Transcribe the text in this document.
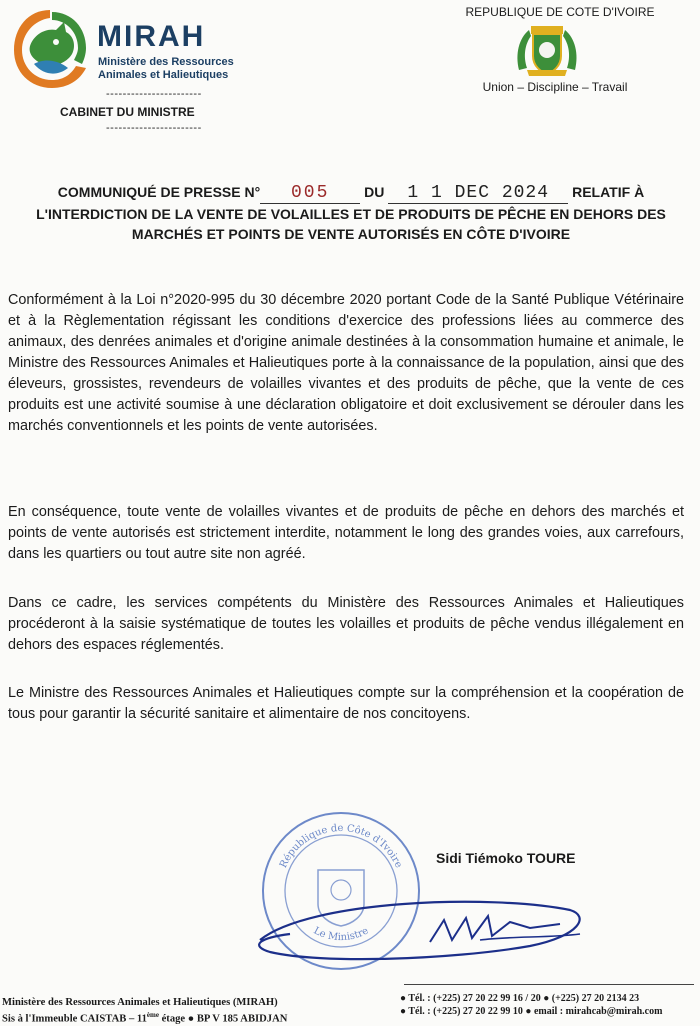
MIRAH
Ministère des Ressources
Animales et Halieutiques
-----------------------
CABINET DU MINISTRE
-----------------------
REPUBLIQUE DE COTE D'IVOIRE
Union – Discipline – Travail
COMMUNIQUÉ DE PRESSE N° 005 DU 1 1 DEC 2024 RELATIF À
L'INTERDICTION DE LA VENTE DE VOLAILLES ET DE PRODUITS DE PÊCHE EN DEHORS DES
MARCHÉS ET POINTS DE VENTE AUTORISÉS EN CÔTE D'IVOIRE
Conformément à la Loi n°2020-995 du 30 décembre 2020 portant Code de la Santé Publique Vétérinaire et à la Règlementation régissant les conditions d'exercice des professions liées au commerce des animaux, des denrées animales et d'origine animale destinées à la consommation humaine et animale, le Ministre des Ressources Animales et Halieutiques porte à la connaissance de la population, ainsi que des éleveurs, grossistes, revendeurs de volailles vivantes et des produits de pêche, que la vente de ces produits est une activité soumise à une déclaration obligatoire et doit exclusivement se dérouler dans les marchés conventionnels et les points de vente autorisées.
En conséquence, toute vente de volailles vivantes et de produits de pêche en dehors des marchés et points de vente autorisés est strictement interdite, notamment le long des grandes voies, aux carrefours, dans les quartiers ou tout autre site non agréé.
Dans ce cadre, les services compétents du Ministère des Ressources Animales et Halieutiques procéderont à la saisie systématique de toutes les volailles et produits de pêche vendus illégalement en dehors des espaces réglementés.
Le Ministre des Ressources Animales et Halieutiques compte sur la compréhension et la coopération de tous pour garantir la sécurité sanitaire et alimentaire de nos concitoyens.
République de Côte d'Ivoire
Le Ministre
Sidi Tiémoko TOURE
Ministère des Ressources Animales et Halieutiques (MIRAH)
Sis à l'Immeuble CAISTAB – 11ème étage ● BP V 185 ABIDJAN
● Tél. : (+225) 27 20 22 99 16 / 20 ● (+225) 27 20 2134 23
● Tél. : (+225) 27 20 22 99 10 ● email : mirahcab@mirah.com
